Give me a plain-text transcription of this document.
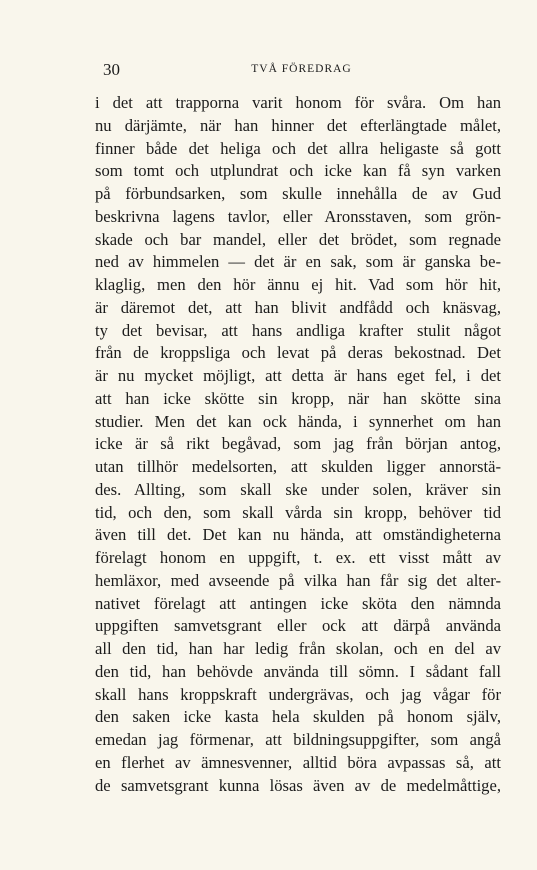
30	TVÅ FÖREDRAG
i det att trapporna varit honom för svåra. Om han
nu därjämte, när han hinner det efterlängtade målet,
finner både det heliga och det allra heligaste så gott
som tomt och utplundrat och icke kan få syn varken
på förbundsarken, som skulle innehålla de av Gud
beskrivna lagens tavlor, eller Aronsstaven, som grön-
skade och bar mandel, eller det brödet, som regnade
ned av himmelen — det är en sak, som är ganska be-
klaglig, men den hör ännu ej hit. Vad som hör hit,
är däremot det, att han blivit andfådd och knäsvag,
ty det bevisar, att hans andliga krafter stulit något
från de kroppsliga och levat på deras bekostnad. Det
är nu mycket möjligt, att detta är hans eget fel, i det
att han icke skötte sin kropp, när han skötte sina
studier. Men det kan ock hända, i synnerhet om han
icke är så rikt begåvad, som jag från början antog,
utan tillhör medelsorten, att skulden ligger annorstä-
des. Allting, som skall ske under solen, kräver sin
tid, och den, som skall vårda sin kropp, behöver tid
även till det. Det kan nu hända, att omständigheterna
förelagt honom en uppgift, t. ex. ett visst mått av
hemläxor, med avseende på vilka han får sig det alter-
nativet förelagt att antingen icke sköta den nämnda
uppgiften samvetsgrant eller ock att därpå använda
all den tid, han har ledig från skolan, och en del av
den tid, han behövde använda till sömn. I sådant fall
skall hans kroppskraft undergrävas, och jag vågar för
den saken icke kasta hela skulden på honom själv,
emedan jag förmenar, att bildningsuppgifter, som angå
en flerhet av ämnesvenner, alltid böra avpassas så, att
de samvetsgrant kunna lösas även av de medelmåttige,
